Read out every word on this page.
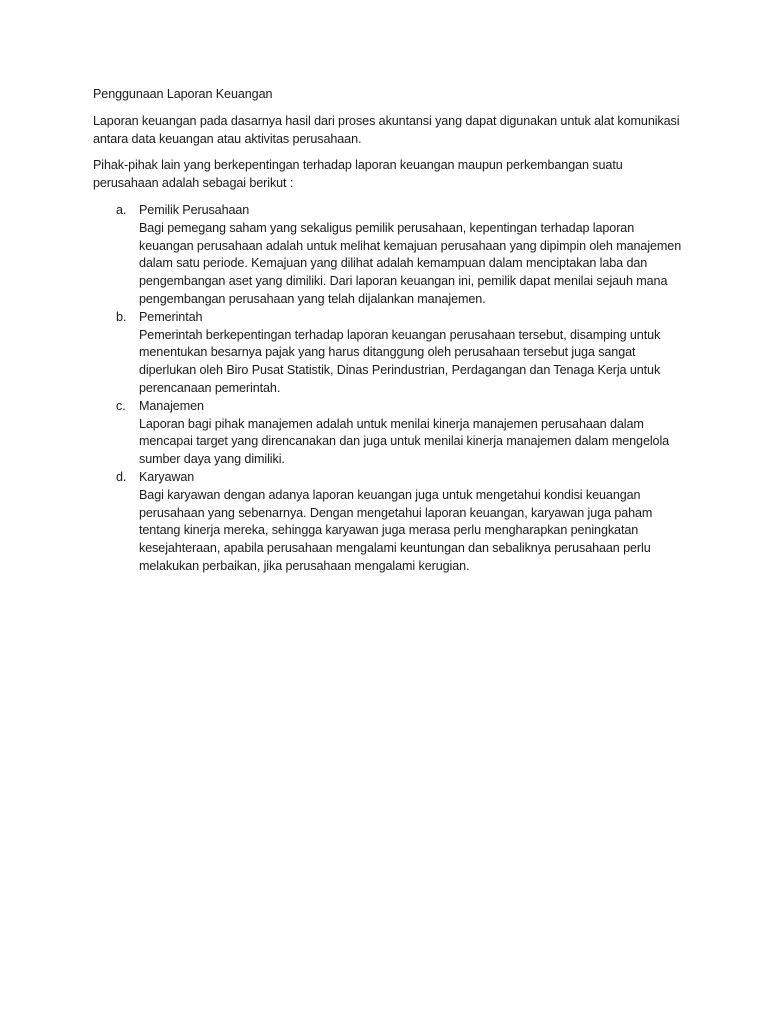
Penggunaan Laporan Keuangan

Laporan keuangan pada dasarnya hasil dari proses akuntansi yang dapat digunakan untuk alat komunikasi antara data keuangan atau aktivitas perusahaan.

Pihak-pihak lain yang berkepentingan terhadap laporan keuangan maupun perkembangan suatu perusahaan adalah sebagai berikut :

a. Pemilik Perusahaan
Bagi pemegang saham yang sekaligus pemilik perusahaan, kepentingan terhadap laporan keuangan perusahaan adalah untuk melihat kemajuan perusahaan yang dipimpin oleh manajemen dalam satu periode. Kemajuan yang dilihat adalah kemampuan dalam menciptakan laba dan pengembangan aset yang dimiliki. Dari laporan keuangan ini, pemilik dapat menilai sejauh mana pengembangan perusahaan yang telah dijalankan manajemen.
b. Pemerintah
Pemerintah berkepentingan terhadap laporan keuangan perusahaan tersebut, disamping untuk menentukan besarnya pajak yang harus ditanggung oleh perusahaan tersebut juga sangat diperlukan oleh Biro Pusat Statistik, Dinas Perindustrian, Perdagangan dan Tenaga Kerja untuk perencanaan pemerintah.
c. Manajemen
Laporan bagi pihak manajemen adalah untuk menilai kinerja manajemen perusahaan dalam mencapai target yang direncanakan dan juga untuk menilai kinerja manajemen dalam mengelola sumber daya yang dimiliki.
d. Karyawan
Bagi karyawan dengan adanya laporan keuangan juga untuk mengetahui kondisi keuangan perusahaan yang sebenarnya. Dengan mengetahui laporan keuangan, karyawan juga paham tentang kinerja mereka, sehingga karyawan juga merasa perlu mengharapkan peningkatan kesejahteraan, apabila perusahaan mengalami keuntungan dan sebaliknya perusahaan perlu melakukan perbaikan, jika perusahaan mengalami kerugian.
